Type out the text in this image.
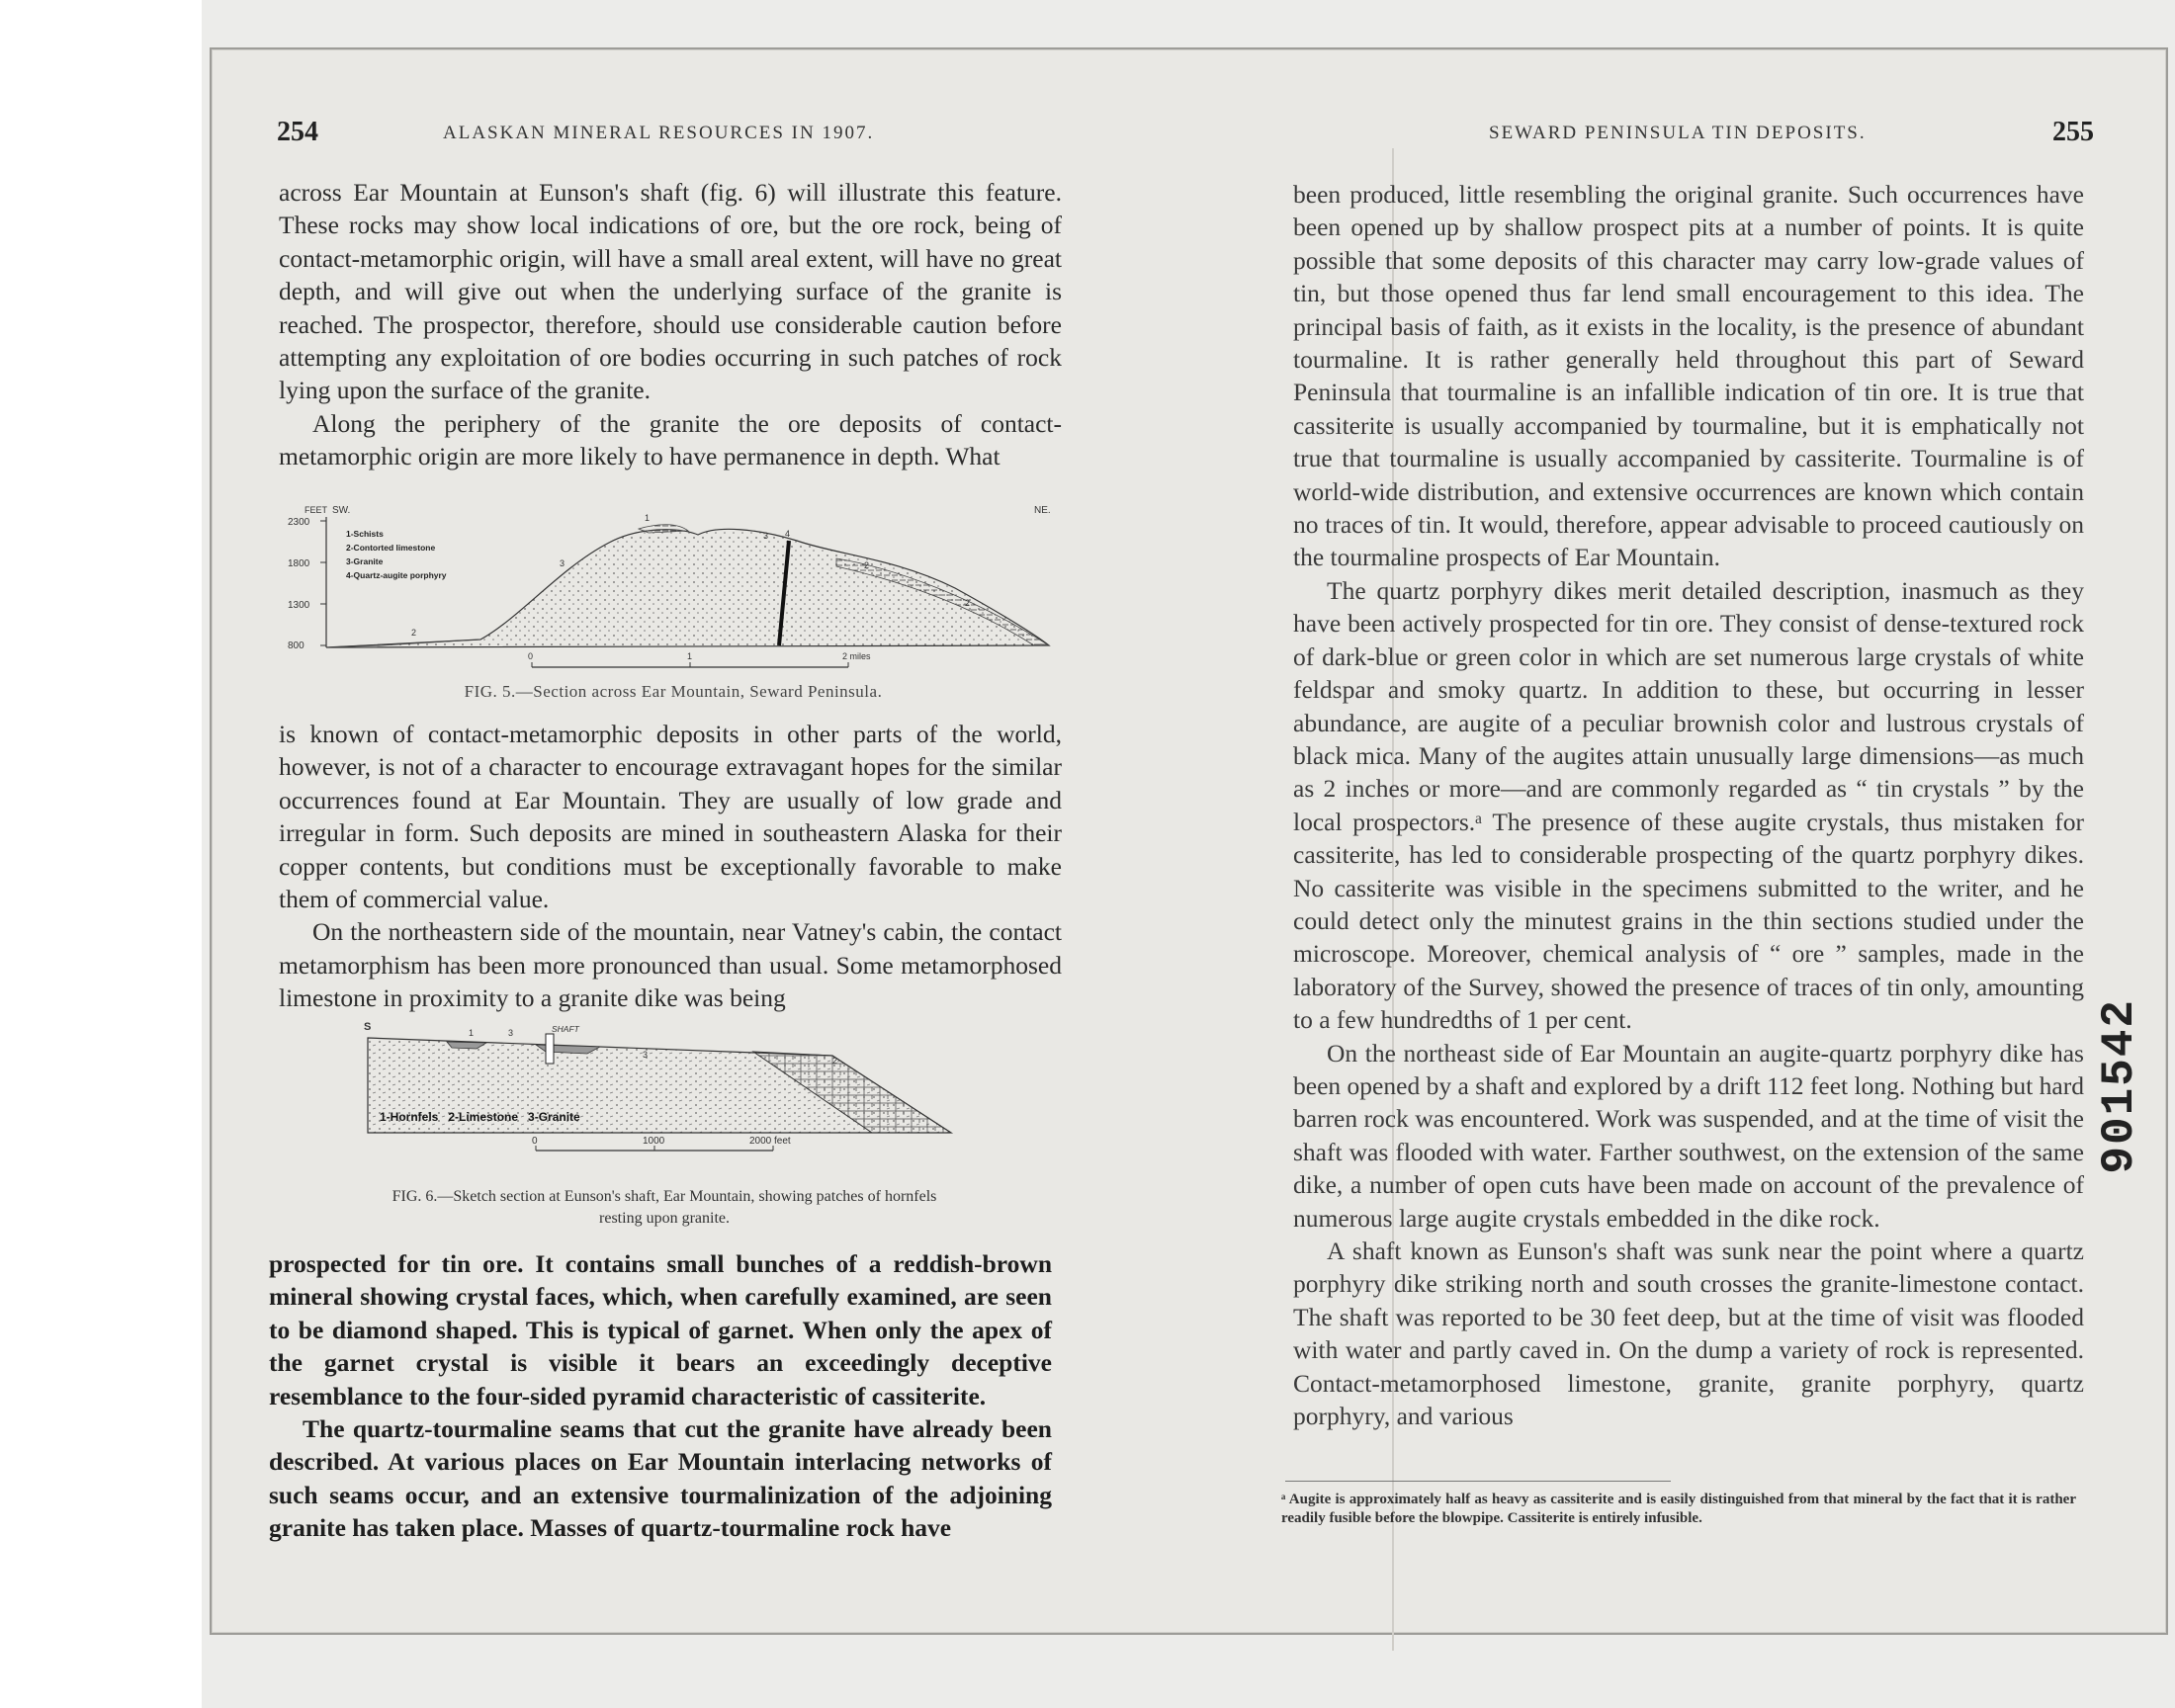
254	ALASKAN MINERAL RESOURCES IN 1907.

across Ear Mountain at Eunson's shaft (fig. 6) will illustrate this feature. These rocks may show local indications of ore, but the ore rock, being of contact-metamorphic origin, will have a small areal extent, will have no great depth, and will give out when the underlying surface of the granite is reached. The prospector, therefore, should use considerable caution before attempting any exploitation of ore bodies occurring in such patches of rock lying upon the surface of the granite.

Along the periphery of the granite the ore deposits of contact-metamorphic origin are more likely to have permanence in depth. What

FEET SW.	NE.
2300
1800
1300
800
1-Schists
2-Contorted limestone
3-Granite
4-Quartz-augite porphyry
1
2
2
2
3
3 4
0	1	2 miles
FIG. 5.—Section across Ear Mountain, Seward Peninsula.

is known of contact-metamorphic deposits in other parts of the world, however, is not of a character to encourage extravagant hopes for the similar occurrences found at Ear Mountain. They are usually of low grade and irregular in form. Such deposits are mined in southeastern Alaska for their copper contents, but conditions must be exceptionally favorable to make them of commercial value.

On the northeastern side of the mountain, near Vatney's cabin, the contact metamorphism has been more pronounced than usual. Some metamorphosed limestone in proximity to a granite dike was being

S	1
2
3
3
SHAFT
1-Hornfels   2-Limestone   3-Granite
0	1000	2000 feet
FIG. 6.—Sketch section at Eunson's shaft, Ear Mountain, showing patches of hornfels
resting upon granite.

prospected for tin ore. It contains small bunches of a reddish-brown mineral showing crystal faces, which, when carefully examined, are seen to be diamond shaped. This is typical of garnet. When only the apex of the garnet crystal is visible it bears an exceedingly deceptive resemblance to the four-sided pyramid characteristic of cassiterite.

The quartz-tourmaline seams that cut the granite have already been described. At various places on Ear Mountain interlacing networks of such seams occur, and an extensive tourmalinization of the adjoining granite has taken place. Masses of quartz-tourmaline rock have

SEWARD PENINSULA TIN DEPOSITS.	255

been produced, little resembling the original granite. Such occurrences have been opened up by shallow prospect pits at a number of points. It is quite possible that some deposits of this character may carry low-grade values of tin, but those opened thus far lend small encouragement to this idea. The principal basis of faith, as it exists in the locality, is the presence of abundant tourmaline. It is rather generally held throughout this part of Seward Peninsula that tourmaline is an infallible indication of tin ore. It is true that cassiterite is usually accompanied by tourmaline, but it is emphatically not true that tourmaline is usually accompanied by cassiterite. Tourmaline is of world-wide distribution, and extensive occurrences are known which contain no traces of tin. It would, therefore, appear advisable to proceed cautiously on the tourmaline prospects of Ear Mountain.

The quartz porphyry dikes merit detailed description, inasmuch as they have been actively prospected for tin ore. They consist of dense-textured rock of dark-blue or green color in which are set numerous large crystals of white feldspar and smoky quartz. In addition to these, but occurring in lesser abundance, are augite of a peculiar brownish color and lustrous crystals of black mica. Many of the augites attain unusually large dimensions—as much as 2 inches or more—and are commonly regarded as “ tin crystals ” by the local prospectors.ᵃ The presence of these augite crystals, thus mistaken for cassiterite, has led to considerable prospecting of the quartz porphyry dikes. No cassiterite was visible in the specimens submitted to the writer, and he could detect only the minutest grains in the thin sections studied under the microscope. Moreover, chemical analysis of “ ore ” samples, made in the laboratory of the Survey, showed the presence of traces of tin only, amounting to a few hundredths of 1 per cent.

On the northeast side of Ear Mountain an augite-quartz porphyry dike has been opened by a shaft and explored by a drift 112 feet long. Nothing but hard barren rock was encountered. Work was suspended, and at the time of visit the shaft was flooded with water. Farther southwest, on the extension of the same dike, a number of open cuts have been made on account of the prevalence of numerous large augite crystals embedded in the dike rock.

A shaft known as Eunson's shaft was sunk near the point where a quartz porphyry dike striking north and south crosses the granite-limestone contact. The shaft was reported to be 30 feet deep, but at the time of visit was flooded with water and partly caved in. On the dump a variety of rock is represented. Contact-metamorphosed limestone, granite, granite porphyry, quartz porphyry, and various

ᵃ Augite is approximately half as heavy as cassiterite and is easily distinguished from that mineral by the fact that it is rather readily fusible before the blowpipe. Cassiterite is entirely infusible.
901542
